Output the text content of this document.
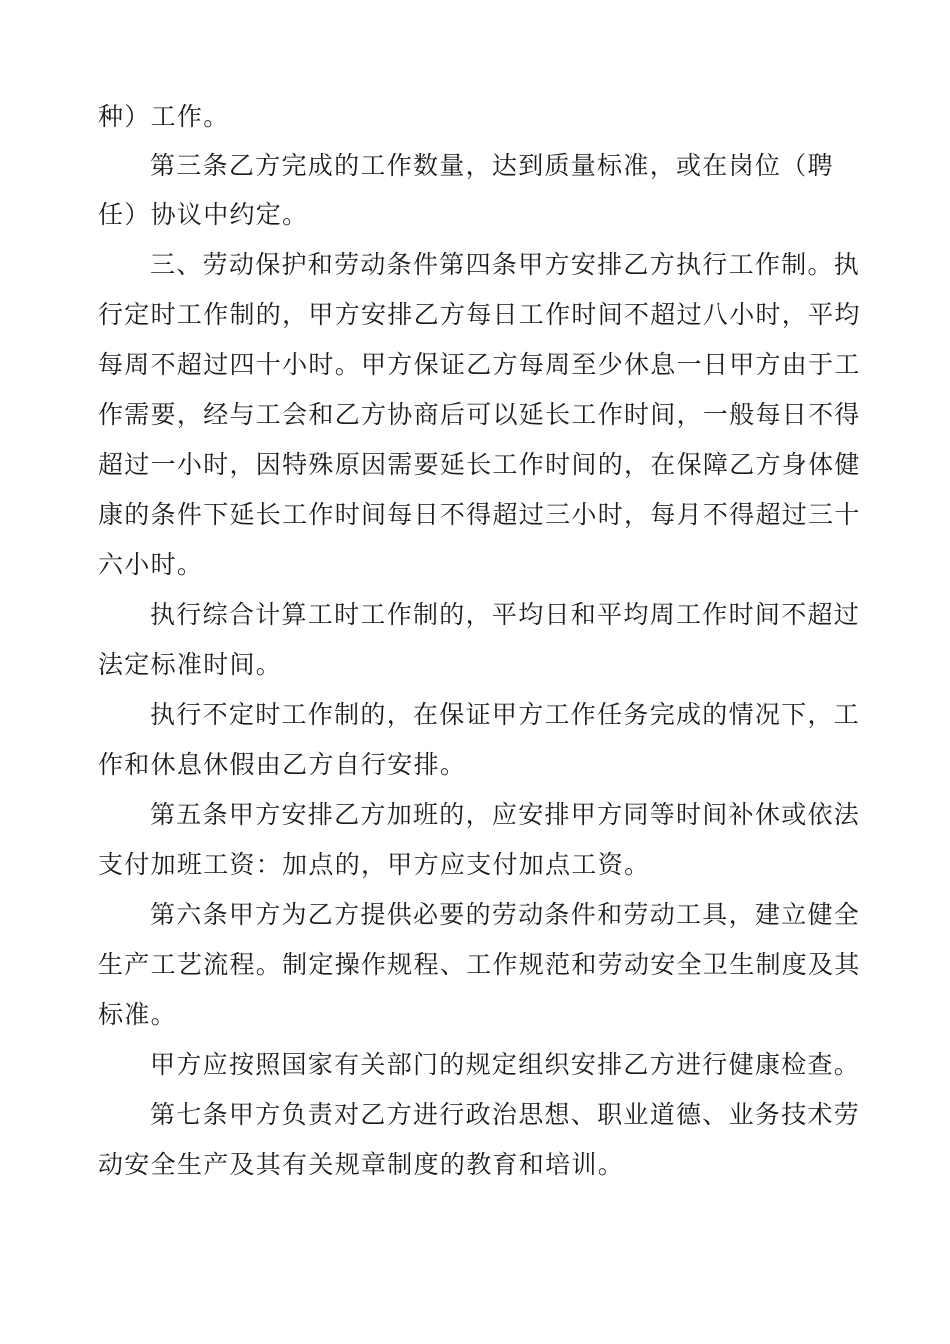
种）工作。
第三条乙方完成的工作数量，达到质量标准，或在岗位（聘
任）协议中约定。
三、劳动保护和劳动条件第四条甲方安排乙方执行工作制。执
行定时工作制的，甲方安排乙方每日工作时间不超过八小时，平均
每周不超过四十小时。甲方保证乙方每周至少休息一日甲方由于工
作需要，经与工会和乙方协商后可以延长工作时间，一般每日不得
超过一小时，因特殊原因需要延长工作时间的，在保障乙方身体健
康的条件下延长工作时间每日不得超过三小时，每月不得超过三十
六小时。
执行综合计算工时工作制的，平均日和平均周工作时间不超过
法定标准时间。
执行不定时工作制的，在保证甲方工作任务完成的情况下，工
作和休息休假由乙方自行安排。
第五条甲方安排乙方加班的，应安排甲方同等时间补休或依法
支付加班工资：加点的，甲方应支付加点工资。
第六条甲方为乙方提供必要的劳动条件和劳动工具，建立健全
生产工艺流程。制定操作规程、工作规范和劳动安全卫生制度及其
标准。
甲方应按照国家有关部门的规定组织安排乙方进行健康检查。
第七条甲方负责对乙方进行政治思想、职业道德、业务技术劳
动安全生产及其有关规章制度的教育和培训。
